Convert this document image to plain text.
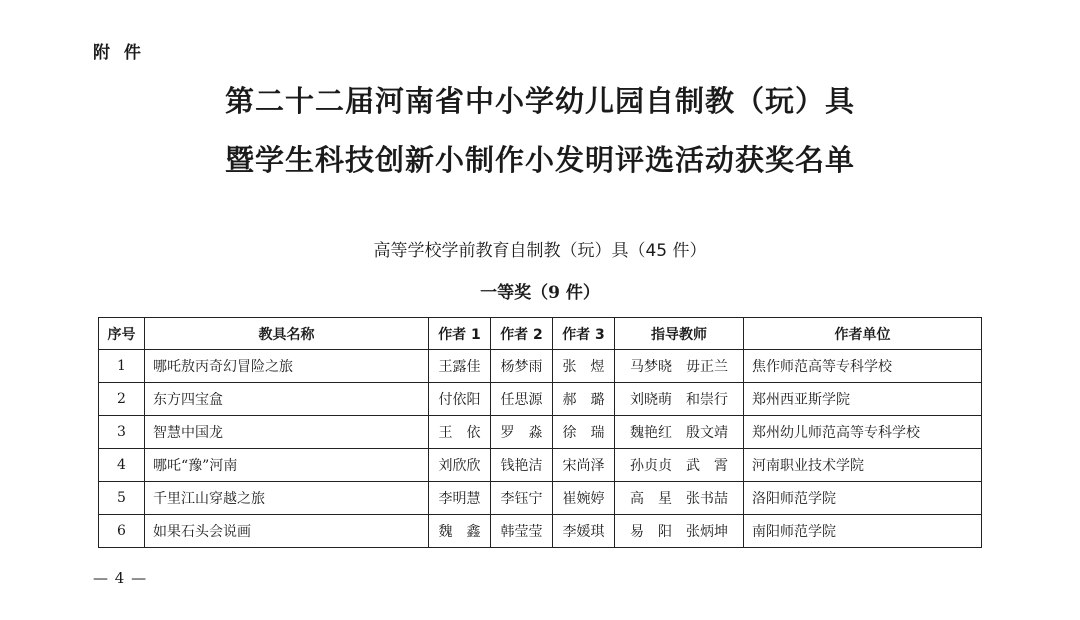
附 件
第二十二届河南省中小学幼儿园自制教（玩）具
暨学生科技创新小制作小发明评选活动获奖名单
高等学校学前教育自制教（玩）具（45 件）
一等奖（9 件）
序号	教具名称	作者 1	作者 2	作者 3	指导教师	作者单位
1	哪吒敖丙奇幻冒险之旅	王露佳	杨梦雨	张　煜	马梦晓　毋正兰	焦作师范高等专科学校
2	东方四宝盒	付依阳	任思源	郝　璐	刘晓萌　和崇行	郑州西亚斯学院
3	智慧中国龙	王　依	罗　淼	徐　瑞	魏艳红　殷文靖	郑州幼儿师范高等专科学校
4	哪吒“豫”河南	刘欣欣	钱艳洁	宋尚泽	孙贞贞　武　霄	河南职业技术学院
5	千里江山穿越之旅	李明慧	李钰宁	崔婉婷	高　星　张书喆	洛阳师范学院
6	如果石头会说画	魏　鑫	韩莹莹	李媛琪	易　阳　张炳坤	南阳师范学院
— 4 —
